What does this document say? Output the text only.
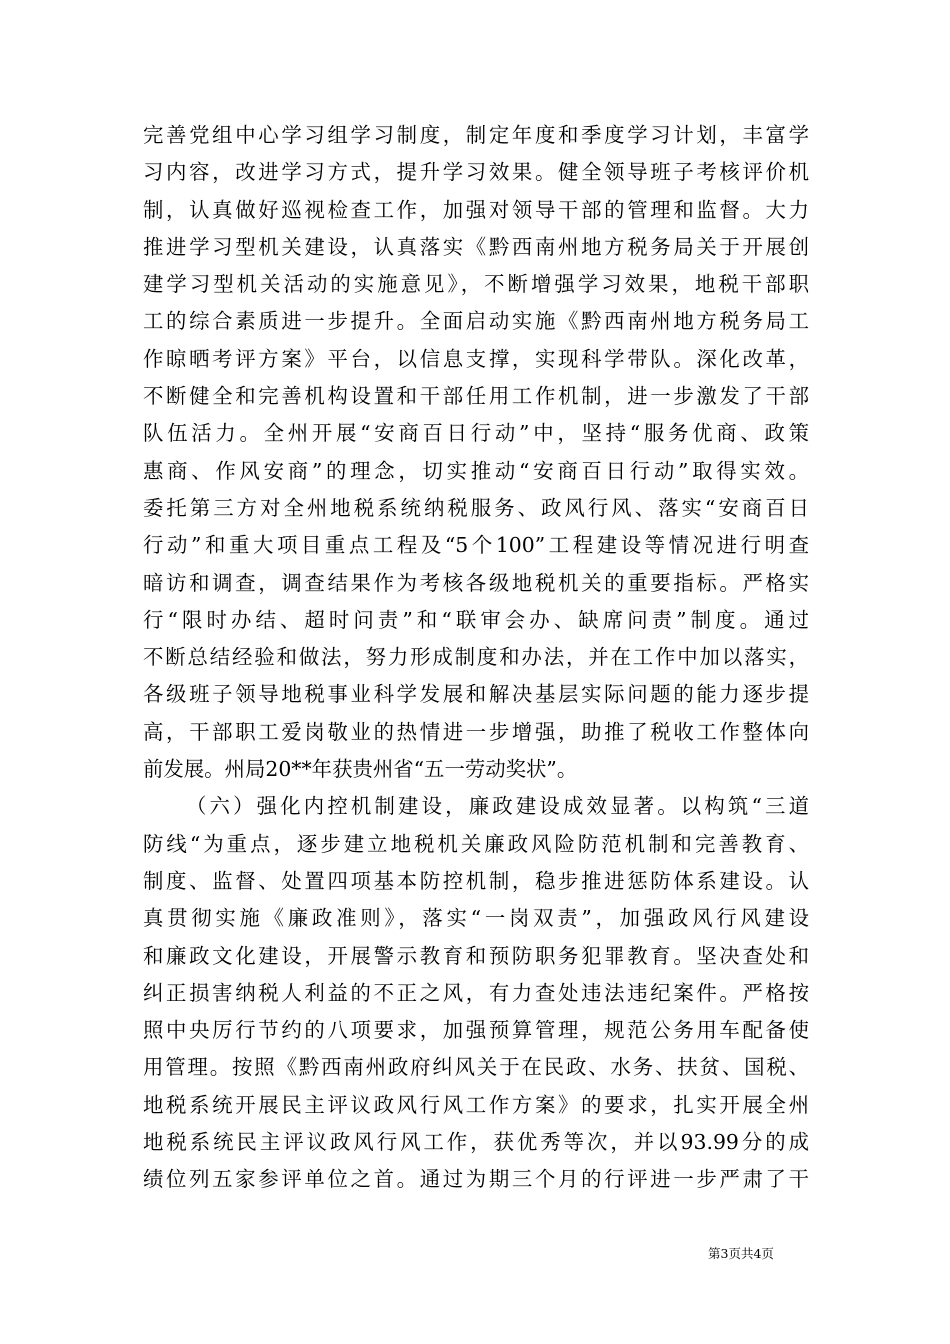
完善党组中心学习组学习制度，制定年度和季度学习计划，丰富学
习内容，改进学习方式，提升学习效果。健全领导班子考核评价机
制，认真做好巡视检查工作，加强对领导干部的管理和监督。大力
推进学习型机关建设，认真落实《黔西南州地方税务局关于开展创
建学习型机关活动的实施意见》，不断增强学习效果，地税干部职
工的综合素质进一步提升。全面启动实施《黔西南州地方税务局工
作晾晒考评方案》平台，以信息支撑，实现科学带队。深化改革，
不断健全和完善机构设置和干部任用工作机制，进一步激发了干部
队伍活力。全州开展“安商百日行动”中，坚持“服务优商、政策
惠商、作风安商”的理念，切实推动“安商百日行动”取得实效。
委托第三方对全州地税系统纳税服务、政风行风、落实“安商百日
行动”和重大项目重点工程及“5个100”工程建设等情况进行明查
暗访和调查，调查结果作为考核各级地税机关的重要指标。严格实
行“限时办结、超时问责”和“联审会办、缺席问责”制度。通过
不断总结经验和做法，努力形成制度和办法，并在工作中加以落实，
各级班子领导地税事业科学发展和解决基层实际问题的能力逐步提
高，干部职工爱岗敬业的热情进一步增强，助推了税收工作整体向
前发展。州局20**年获贵州省“五一劳动奖状”。
（六）强化内控机制建设，廉政建设成效显著。以构筑“三道
防线“为重点，逐步建立地税机关廉政风险防范机制和完善教育、
制度、监督、处置四项基本防控机制，稳步推进惩防体系建设。认
真贯彻实施《廉政准则》，落实“一岗双责”，加强政风行风建设
和廉政文化建设，开展警示教育和预防职务犯罪教育。坚决查处和
纠正损害纳税人利益的不正之风，有力查处违法违纪案件。严格按
照中央厉行节约的八项要求，加强预算管理，规范公务用车配备使
用管理。按照《黔西南州政府纠风关于在民政、水务、扶贫、国税、
地税系统开展民主评议政风行风工作方案》的要求，扎实开展全州
地税系统民主评议政风行风工作，获优秀等次，并以93.99分的成
绩位列五家参评单位之首。通过为期三个月的行评进一步严肃了干
第3页共4页
